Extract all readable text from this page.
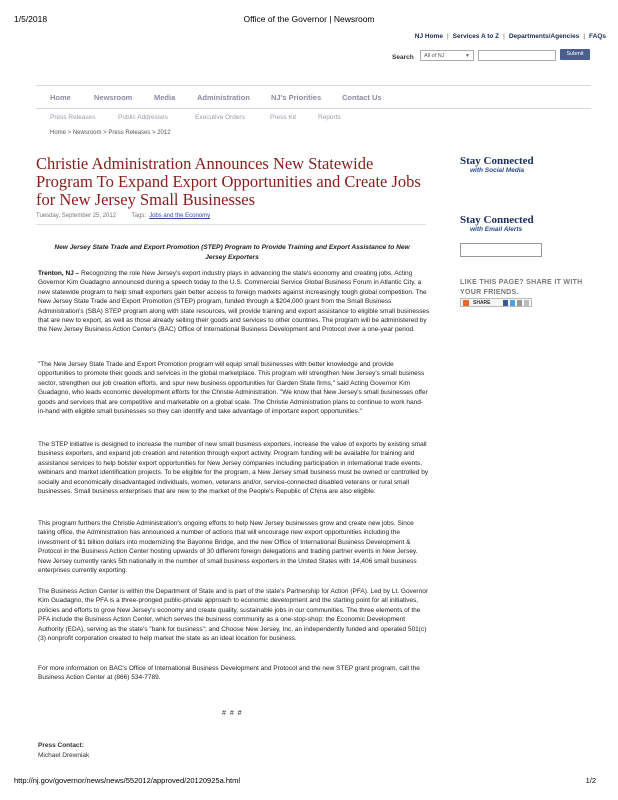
1/5/2018	Office of the Governor | Newsroom
NJ Home | Services A to Z | Departments/Agencies | FAQs
Search	All of NJ	▼	Submit
Home	Newsroom	Media	Administration	NJ's Priorities	Contact Us
Press Releases	Public Addresses	Executive Orders	Press Kit	Reports
Home > Newsroom > Press Releases > 2012
Christie Administration Announces New Statewide Program To Expand Export Opportunities and Create Jobs for New Jersey Small Businesses
Tuesday, September 25, 2012	Tags: Jobs and the Economy
New Jersey State Trade and Export Promotion (STEP) Program to Provide Training and Export Assistance to New Jersey Exporters
Trenton, NJ – Recognizing the role New Jersey's export industry plays in advancing the state's economy and creating jobs, Acting Governor Kim Guadagno announced during a speech today to the U.S. Commercial Service Global Business Forum in Atlantic City, a new statewide program to help small exporters gain better access to foreign markets against increasingly tough global competition. The New Jersey State Trade and Export Promotion (STEP) program, funded through a $204,000 grant from the Small Business Administration's (SBA) STEP program along with state resources, will provide training and export assistance to eligible small businesses that are new to export, as well as those already selling their goods and services to other countries. The program will be administered by the New Jersey Business Action Center's (BAC) Office of International Business Development and Protocol over a one-year period.
"The New Jersey State Trade and Export Promotion program will equip small businesses with better knowledge and provide opportunities to promote their goods and services in the global marketplace. This program will strengthen New Jersey's small business sector, strengthen our job creation efforts, and spur new business opportunities for Garden State firms," said Acting Governor Kim Guadagno, who leads economic development efforts for the Christie Administration. "We know that New Jersey's small businesses offer goods and services that are competitive and marketable on a global scale. The Christie Administration plans to continue to work hand-in-hand with eligible small businesses so they can identify and take advantage of important export opportunities."
The STEP initiative is designed to increase the number of new small business exporters, increase the value of exports by existing small business exporters, and expand job creation and retention through export activity. Program funding will be available for training and assistance services to help bolster export opportunities for New Jersey companies including participation in international trade events, webinars and market identification projects. To be eligible for the program, a New Jersey small business must be owned or controlled by socially and economically disadvantaged individuals, women, veterans and/or, service-connected disabled veterans or rural small businesses. Small business enterprises that are new to the market of the People's Republic of China are also eligible.
This program furthers the Christie Administration's ongoing efforts to help New Jersey businesses grow and create new jobs. Since taking office, the Administration has announced a number of actions that will encourage new export opportunities including the investment of $1 billion dollars into modernizing the Bayonne Bridge, and the new Office of International Business Development & Protocol in the Business Action Center hosting upwards of 30 different foreign delegations and trading partner events in New Jersey. New Jersey currently ranks 5th nationally in the number of small business exporters in the United States with 14,406 small business enterprises currently exporting.
The Business Action Center is within the Department of State and is part of the state's Partnership for Action (PFA). Led by Lt. Governor Kim Guadagno, the PFA is a three-pronged public-private approach to economic development and the starting point for all initiatives, policies and efforts to grow New Jersey's economy and create quality, sustainable jobs in our communities. The three elements of the PFA include the Business Action Center, which serves the business community as a one-stop-shop; the Economic Development Authority (EDA), serving as the state's "bank for business"; and Choose New Jersey, Inc. an independently funded and operated 501(c)(3) nonprofit corporation created to help market the state as an ideal location for business.
For more information on BAC's Office of International Business Development and Protocol and the new STEP grant program, call the Business Action Center at (866) 534-7789.
# # #
Press Contact:
Michael Drewniak
Stay Connected
with Social Media
Stay Connected
with Email Alerts
LIKE THIS PAGE? SHARE IT WITH YOUR FRIENDS.
SHARE
http://nj.gov/governor/news/news/552012/approved/20120925a.html	1/2
